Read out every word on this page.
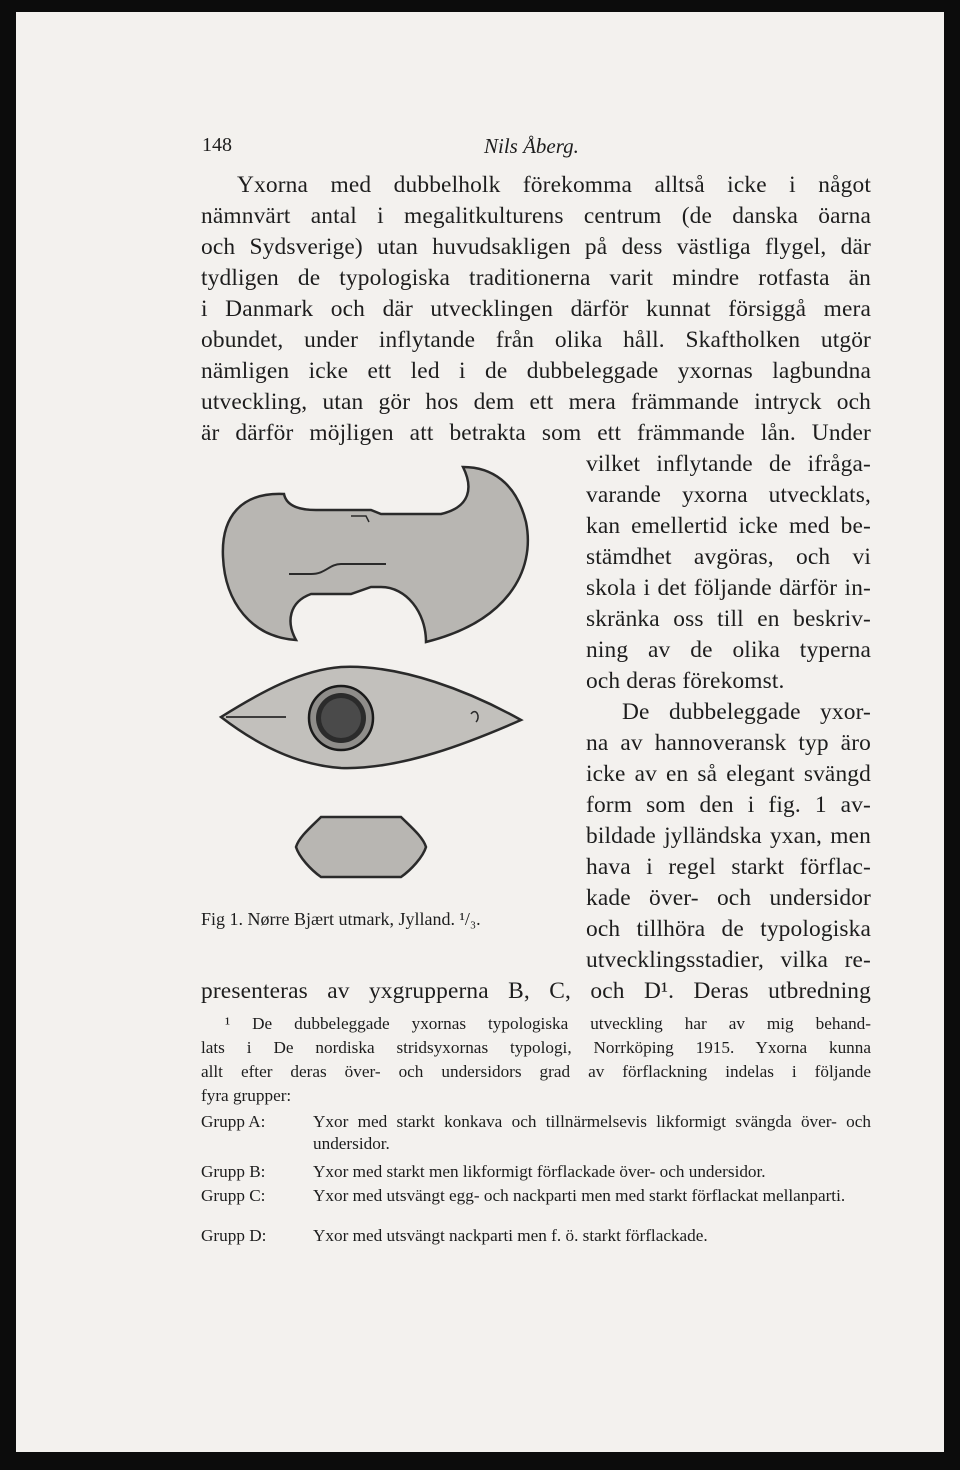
148	Nils Åberg.
Yxorna med dubbelholk förekomma alltså icke i något
nämnvärt antal i megalitkulturens centrum (de danska öarna
och Sydsverige) utan huvudsakligen på dess västliga flygel, där
tydligen de typologiska traditionerna varit mindre rotfasta än
i Danmark och där utvecklingen därför kunnat försiggå mera
obundet, under inflytande från olika håll. Skaftholken utgör
nämligen icke ett led i de dubbeleggade yxornas lagbundna
utveckling, utan gör hos dem ett mera främmande intryck och
är därför möjligen att betrakta som ett främmande lån. Under
vilket inflytande de ifråga-
varande yxorna utvecklats,
kan emellertid icke med be-
stämdhet avgöras, och vi
skola i det följande därför in-
skränka oss till en beskriv-
ning av de olika typerna
och deras förekomst.
De dubbeleggade yxor-
na av hannoveransk typ äro
icke av en så elegant svängd
form som den i fig. 1 av-
bildade jylländska yxan, men
hava i regel starkt förflac-
kade över- och undersidor
och tillhöra de typologiska
utvecklingsstadier, vilka re-
presenteras av yxgrupperna B, C, och D¹. Deras utbredning
Fig 1. Nørre Bjært utmark, Jylland. ¹/₃.
¹ De dubbeleggade yxornas typologiska utveckling har av mig behand-
lats i De nordiska stridsyxornas typologi, Norrköping 1915. Yxorna kunna
allt efter deras över- och undersidors grad av förflackning indelas i följande
fyra grupper:
Grupp A:	Yxor med starkt konkava och tillnärmelsevis likformigt svängda över- och undersidor.
Grupp B:	Yxor med starkt men likformigt förflackade över- och undersidor.
Grupp C:	Yxor med utsvängt egg- och nackparti men med starkt förflackat mellanparti.
Grupp D:	Yxor med utsvängt nackparti men f. ö. starkt förflackade.
